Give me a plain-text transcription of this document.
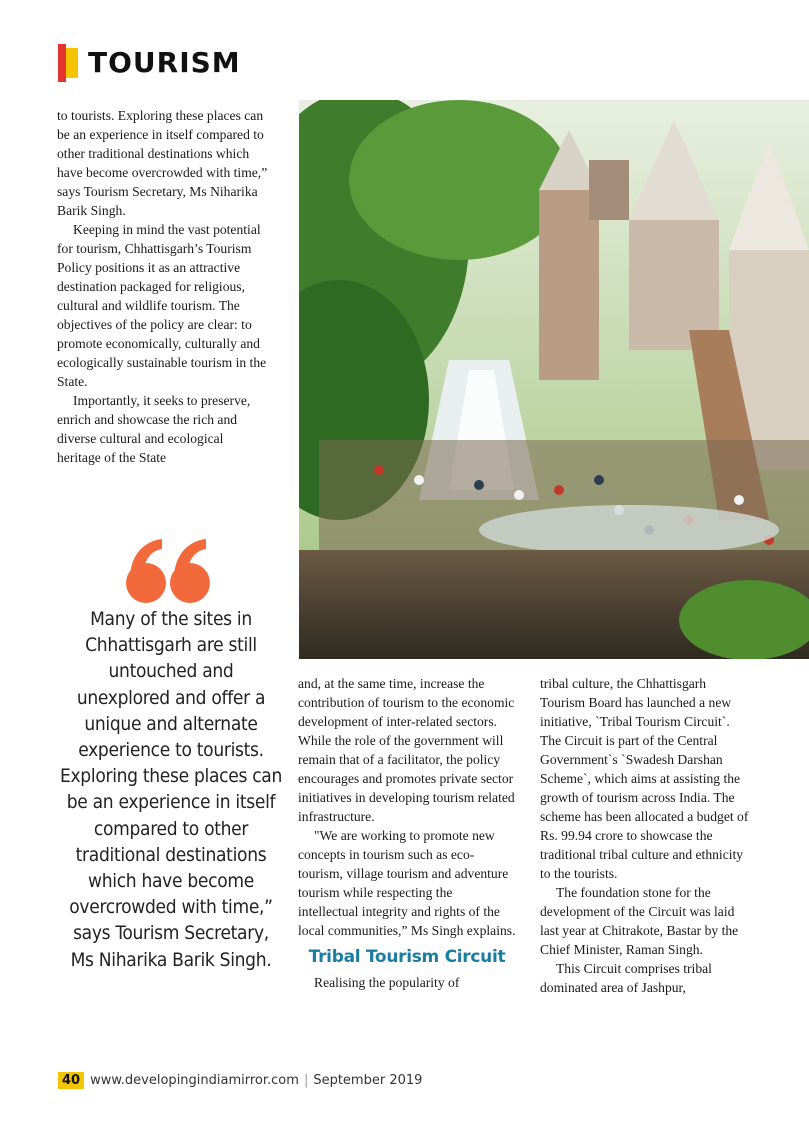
TOURISM

to tourists. Exploring these places can be an experience in itself compared to other traditional destinations which have become overcrowded with time,” says Tourism Secretary, Ms Niharika Barik Singh.

Keeping in mind the vast potential for tourism, Chhattisgarh’s Tourism Policy positions it as an attractive destination packaged for religious, cultural and wildlife tourism. The objectives of the policy are clear: to promote economically, culturally and ecologically sustainable tourism in the State.

Importantly, it seeks to preserve, enrich and showcase the rich and diverse cultural and ecological heritage of the State

Many of the sites in Chhattisgarh are still untouched and unexplored and offer a unique and alternate experience to tourists. Exploring these places can be an experience in itself compared to other traditional destinations which have become overcrowded with time,” says Tourism Secretary, Ms Niharika Barik Singh.

and, at the same time, increase the contribution of tourism to the economic development of inter-related sectors. While the role of the government will remain that of a facilitator, the policy encourages and promotes private sector initiatives in developing tourism related infrastructure.

"We are working to promote new concepts in tourism such as eco-tourism, village tourism and adventure tourism while respecting the intellectual integrity and rights of the local communities,” Ms Singh explains.

Tribal Tourism Circuit

Realising the popularity of

tribal culture, the Chhattisgarh Tourism Board has launched a new initiative, `Tribal Tourism Circuit`. The Circuit is part of the Central Government`s `Swadesh Darshan Scheme`, which aims at assisting the growth of tourism across India. The scheme has been allocated a budget of Rs. 99.94 crore to showcase the traditional tribal culture and ethnicity to the tourists.

The foundation stone for the development of the Circuit was laid last year at Chitrakote, Bastar by the Chief Minister, Raman Singh.

This Circuit comprises tribal dominated area of Jashpur,

40 www.developingindiamirror.com | September 2019
